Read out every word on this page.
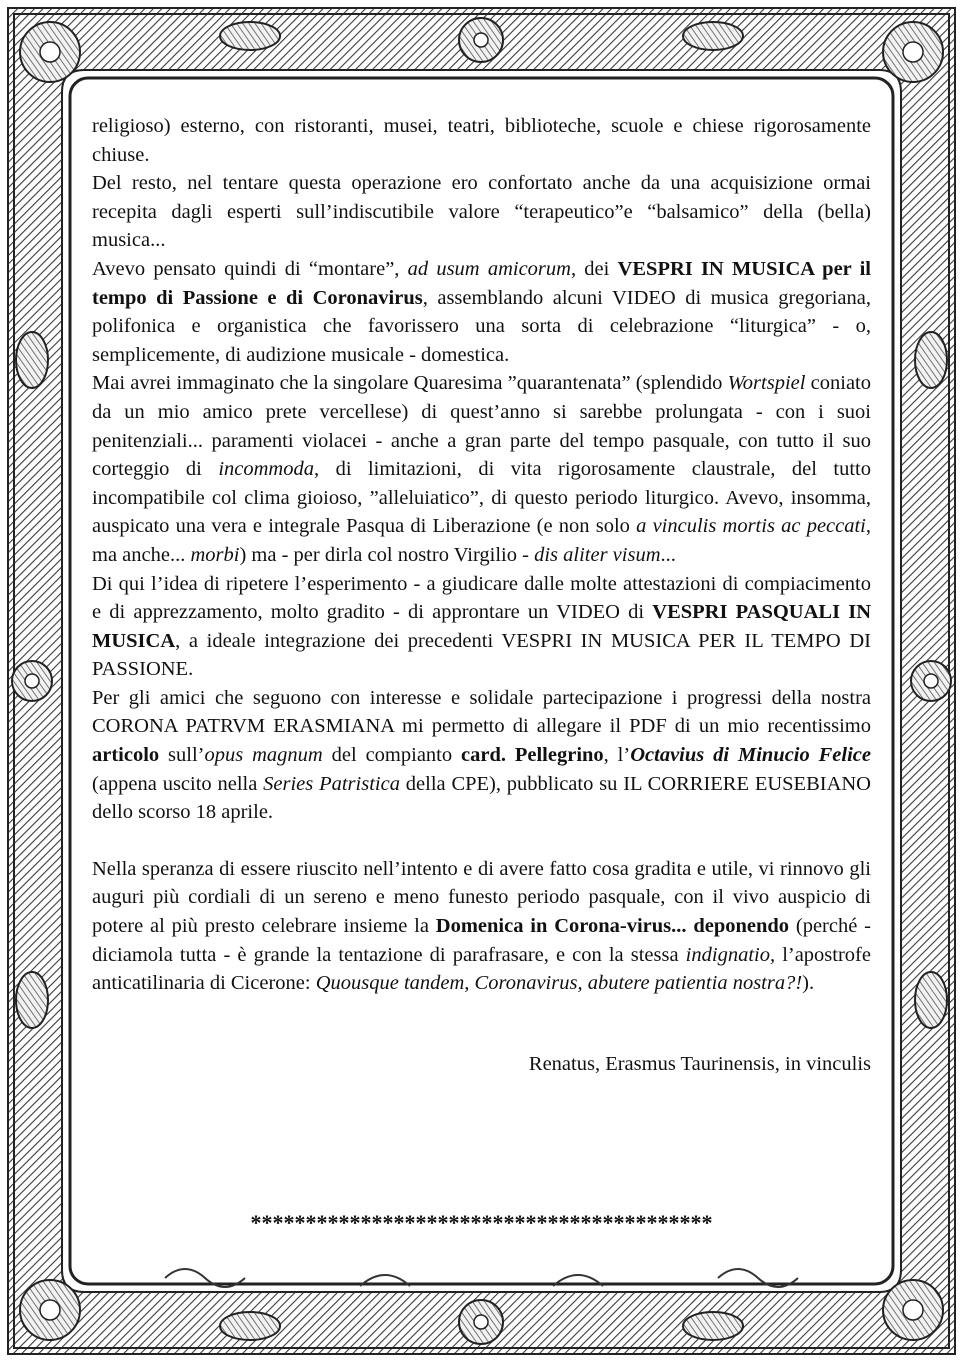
religioso) esterno, con ristoranti, musei, teatri, biblioteche, scuole e chiese rigorosamente chiuse.

Del resto, nel tentare questa operazione ero confortato anche da una acquisizione ormai recepita dagli esperti sull’indiscutibile valore “terapeutico”e “balsamico” della (bella) musica...

Avevo pensato quindi di “montare”, ad usum amicorum, dei VESPRI IN MUSICA per il tempo di Passione e di Coronavirus, assemblando alcuni VIDEO di musica gregoriana, polifonica e organistica che favorissero una sorta di celebrazione “liturgica” - o, semplicemente, di audizione musicale - domestica.

Mai avrei immaginato che la singolare Quaresima ”quarantenata” (splendido Wortspiel coniato da un mio amico prete vercellese) di quest’anno si sarebbe prolungata - con i suoi penitenziali... paramenti violacei - anche a gran parte del tempo pasquale, con tutto il suo corteggio di incommoda, di limitazioni, di vita rigorosamente claustrale, del tutto incompatibile col clima gioioso, ”alleluiatico”, di questo periodo liturgico. Avevo, insomma, auspicato una vera e integrale Pasqua di Liberazione (e non solo a vinculis mortis ac peccati, ma anche... morbi) ma - per dirla col nostro Virgilio - dis aliter visum...

Di qui l’idea di ripetere l’esperimento - a giudicare dalle molte attestazioni di compiacimento e di apprezzamento, molto gradito - di approntare un VIDEO di VESPRI PASQUALI IN MUSICA, a ideale integrazione dei precedenti VESPRI IN MUSICA PER IL TEMPO DI PASSIONE.

Per gli amici che seguono con interesse e solidale partecipazione i progressi della nostra CORONA PATRVM ERASMIANA mi permetto di allegare il PDF di un mio recentissimo articolo sull’opus magnum del compianto card. Pellegrino, l’Octavius di Minucio Felice (appena uscito nella Series Patristica della CPE), pubblicato su IL CORRIERE EUSEBIANO dello scorso 18 aprile.

Nella speranza di essere riuscito nell’intento e di avere fatto cosa gradita e utile, vi rinnovo gli auguri più cordiali di un sereno e meno funesto periodo pasquale, con il vivo auspicio di potere al più presto celebrare insieme la Domenica in Corona-virus... deponendo (perché - diciamola tutta - è grande la tentazione di parafrasare, e con la stessa indignatio, l’apostrofe anticatilinaria di Cicerone: Quousque tandem, Coronavirus, abutere patientia nostra?!).

Renatus, Erasmus Taurinensis, in vinculis

******************************************
